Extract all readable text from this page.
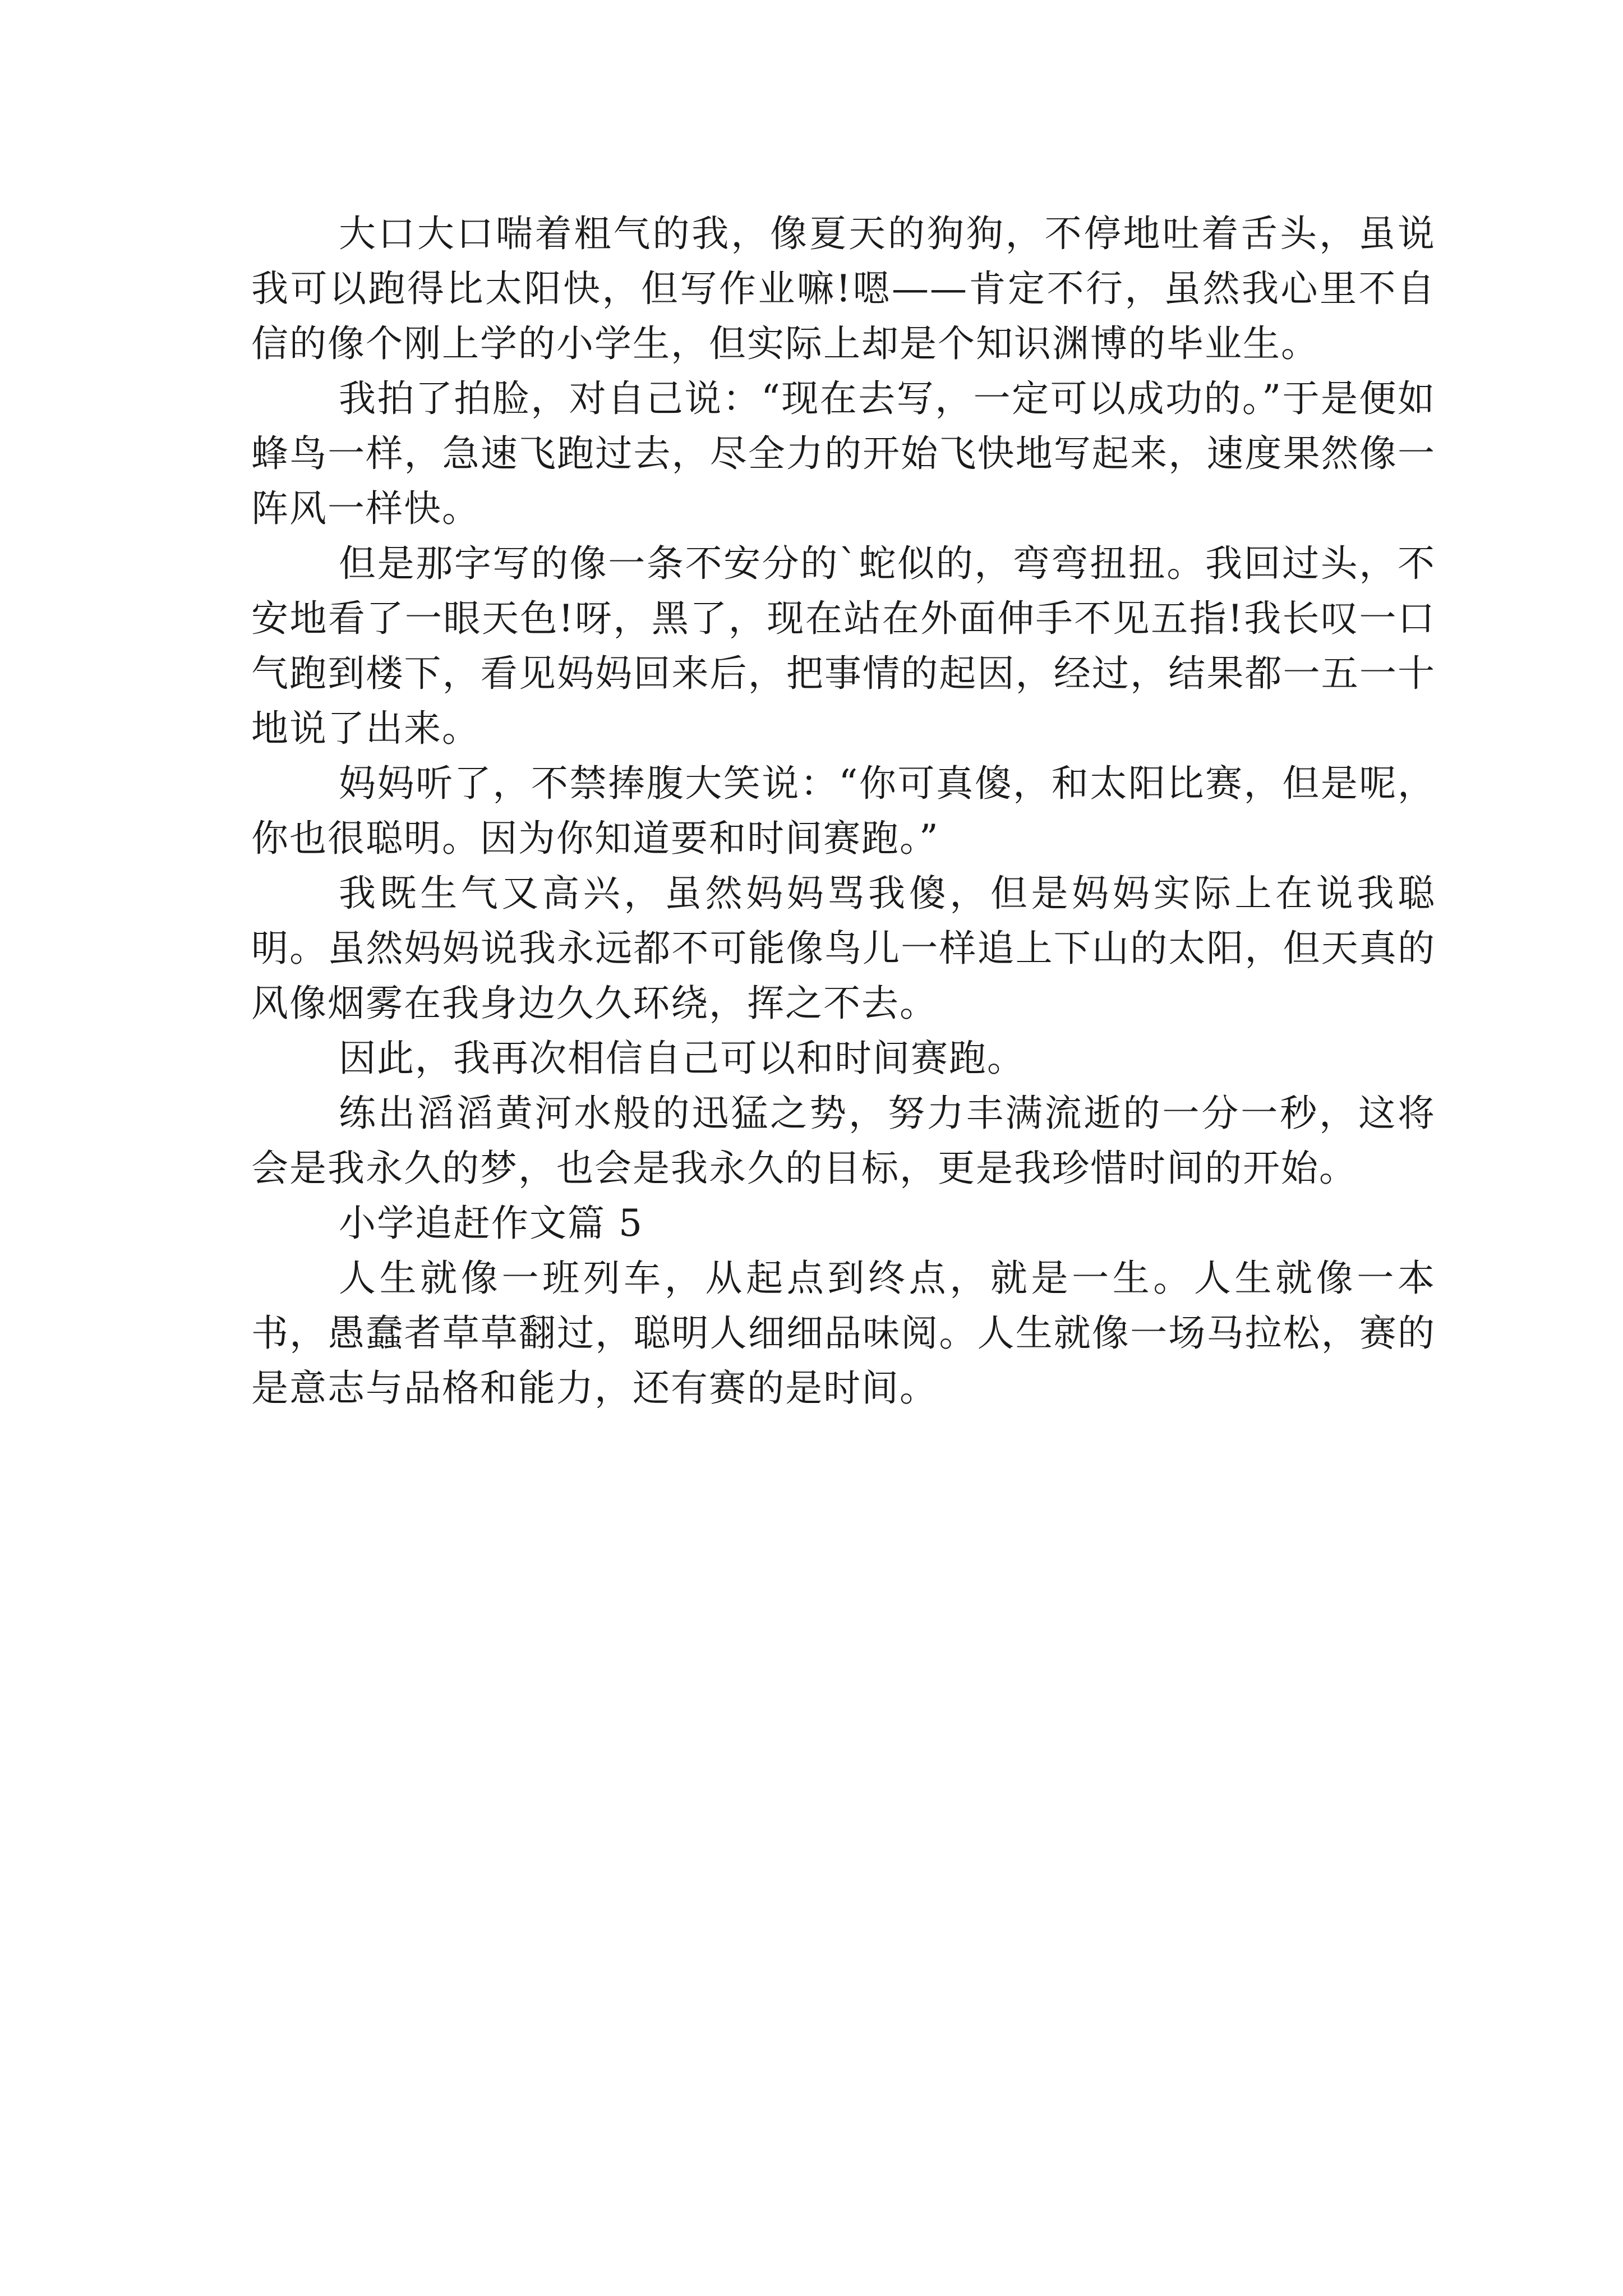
大口大口喘着粗气的我，像夏天的狗狗，不停地吐着舌头，虽说我可以跑得比太阳快，但写作业嘛!嗯——肯定不行，虽然我心里不自信的像个刚上学的小学生，但实际上却是个知识渊博的毕业生。

我拍了拍脸，对自己说：“现在去写，一定可以成功的。”于是便如蜂鸟一样，急速飞跑过去，尽全力的开始飞快地写起来，速度果然像一阵风一样快。

但是那字写的像一条不安分的`蛇似的，弯弯扭扭。我回过头，不安地看了一眼天色!呀，黑了，现在站在外面伸手不见五指!我长叹一口气跑到楼下，看见妈妈回来后，把事情的起因，经过，结果都一五一十地说了出来。

妈妈听了，不禁捧腹大笑说：“你可真傻，和太阳比赛，但是呢，你也很聪明。因为你知道要和时间赛跑。”

我既生气又高兴，虽然妈妈骂我傻，但是妈妈实际上在说我聪明。虽然妈妈说我永远都不可能像鸟儿一样追上下山的太阳，但天真的风像烟雾在我身边久久环绕，挥之不去。

因此，我再次相信自己可以和时间赛跑。

练出滔滔黄河水般的迅猛之势，努力丰满流逝的一分一秒，这将会是我永久的梦，也会是我永久的目标，更是我珍惜时间的开始。

小学追赶作文篇 5

人生就像一班列车，从起点到终点，就是一生。人生就像一本书，愚蠢者草草翻过，聪明人细细品味阅。人生就像一场马拉松，赛的是意志与品格和能力，还有赛的是时间。
